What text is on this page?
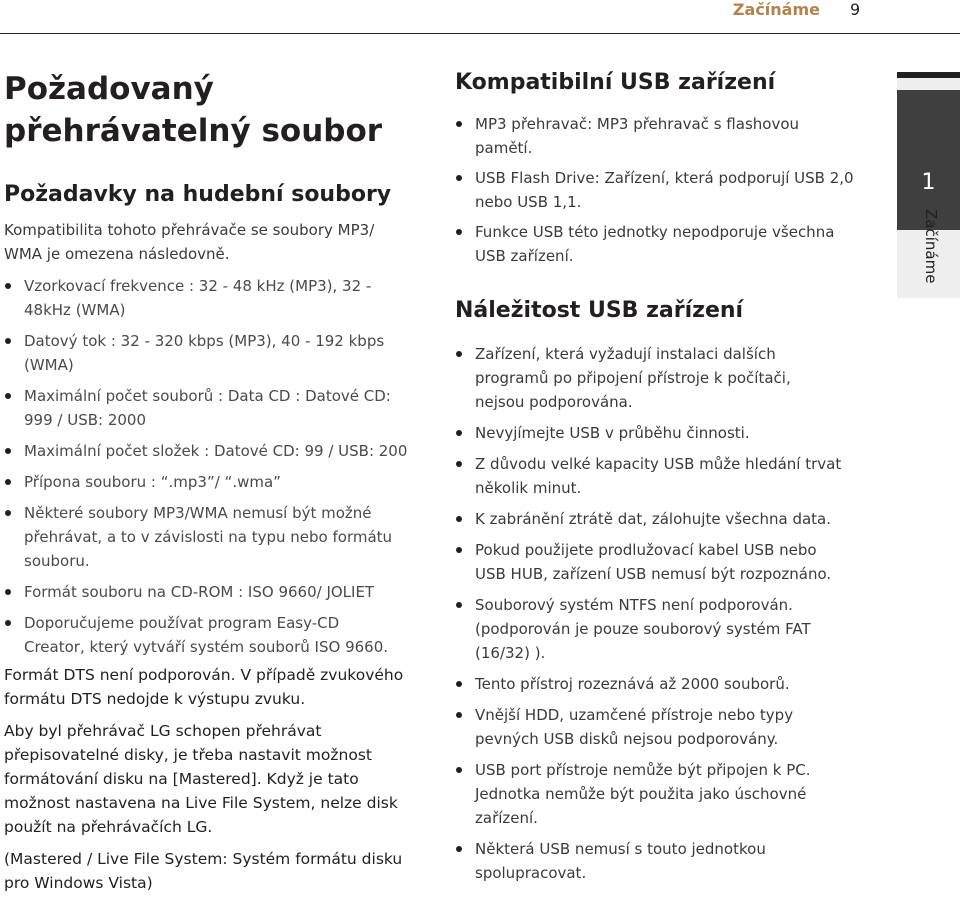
Začínáme 9
Požadovaný
přehrávatelný soubor
Požadavky na hudební soubory
Kompatibilita tohoto přehrávače se soubory MP3/
WMA je omezena následovně.
Vzorkovací frekvence : 32 - 48 kHz (MP3), 32 -
48kHz (WMA)
Datový tok : 32 - 320 kbps (MP3), 40 - 192 kbps
(WMA)
Maximální počet souborů : Data CD : Datové CD:
999 / USB: 2000
Maximální počet složek : Datové CD: 99 / USB: 200
Přípona souboru : “.mp3”/ “.wma”
Některé soubory MP3/WMA nemusí být možné
přehrávat, a to v závislosti na typu nebo formátu
souboru.
Formát souboru na CD-ROM : ISO 9660/ JOLIET
Doporučujeme používat program Easy-CD
Creator, který vytváří systém souborů ISO 9660.
Formát DTS není podporován. V případě zvukového
formátu DTS nedojde k výstupu zvuku.
Aby byl přehrávač LG schopen přehrávat
přepisovatelné disky, je třeba nastavit možnost
formátování disku na [Mastered]. Když je tato
možnost nastavena na Live File System, nelze disk
použít na přehrávačích LG.
(Mastered / Live File System: Systém formátu disku
pro Windows Vista)
Kompatibilní USB zařízení
MP3 přehravač: MP3 přehravač s flashovou
pamětí.
USB Flash Drive: Zařízení, která podporují USB 2,0
nebo USB 1,1.
Funkce USB této jednotky nepodporuje všechna
USB zařízení.
Náležitost USB zařízení
Zařízení, která vyžadují instalaci dalších
programů po připojení přístroje k počítači,
nejsou podporována.
Nevyjímejte USB v průběhu činnosti.
Z důvodu velké kapacity USB může hledání trvat
několik minut.
K zabránění ztrátě dat, zálohujte všechna data.
Pokud použijete prodlužovací kabel USB nebo
USB HUB, zařízení USB nemusí být rozpoznáno.
Souborový systém NTFS není podporován.
(podporován je pouze souborový systém FAT
(16/32) ).
Tento přístroj rozeznává až 2000 souborů.
Vnější HDD, uzamčené přístroje nebo typy
pevných USB disků nejsou podporovány.
USB port přístroje nemůže být připojen k PC.
Jednotka nemůže být použita jako úschovné
zařízení.
Některá USB nemusí s touto jednotkou
spolupracovat.
1
Začínáme
